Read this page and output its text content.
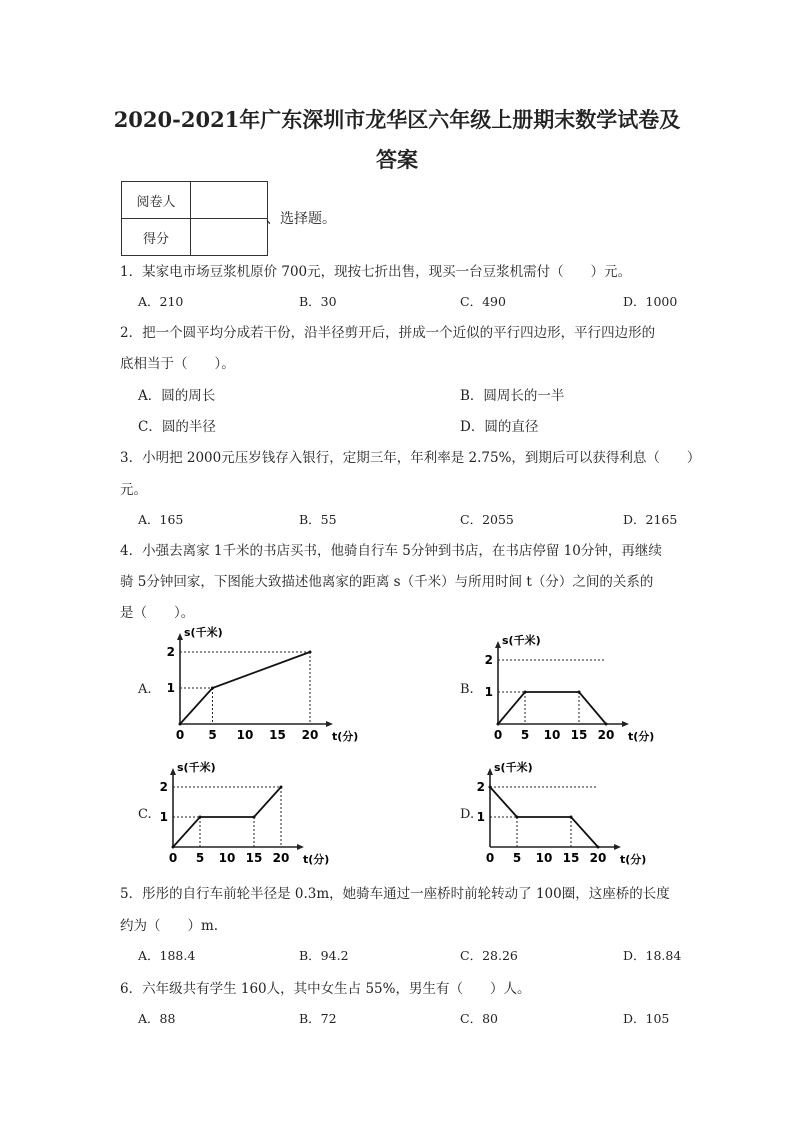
2020-2021年广东深圳市龙华区六年级上册期末数学试卷及
答案
阅卷人	
得分	
、选择题。
1．某家电市场豆浆机原价 700元，现按七折出售，现买一台豆浆机需付（　　）元。
A．210	B．30	C．490	D．1000
2．把一个圆平均分成若干份，沿半径剪开后，拼成一个近似的平行四边形，平行四边形的
底相当于（　　）。
A．圆的周长	B．圆周长的一半
C．圆的半径	D．圆的直径
3．小明把 2000元压岁钱存入银行，定期三年，年利率是 2.75%，到期后可以获得利息（　　）
元。
A．165	B．55	C．2055	D．2165
4．小强去离家 1千米的书店买书，他骑自行车 5分钟到书店，在书店停留 10分钟，再继续
骑 5分钟回家，下图能大致描述他离家的距离 s（千米）与所用时间 t（分）之间的关系的
是（　　）。
A.	B.
C.	D.
s(千米)
t(分)
0 5 10 15 20
1
2
s(千米)
t(分)
0 5 10 15 20
1
2
s(千米)
t(分)
0 5 10 15 20
1
2
s(千米)
t(分)
0 5 10 15 20
1
2
5．彤彤的自行车前轮半径是 0.3m，她骑车通过一座桥时前轮转动了 100圈，这座桥的长度
约为（　　）m.
A．188.4	B．94.2	C．28.26	D．18.84
6．六年级共有学生 160人，其中女生占 55%，男生有（　　）人。
A．88	B．72	C．80	D．105
